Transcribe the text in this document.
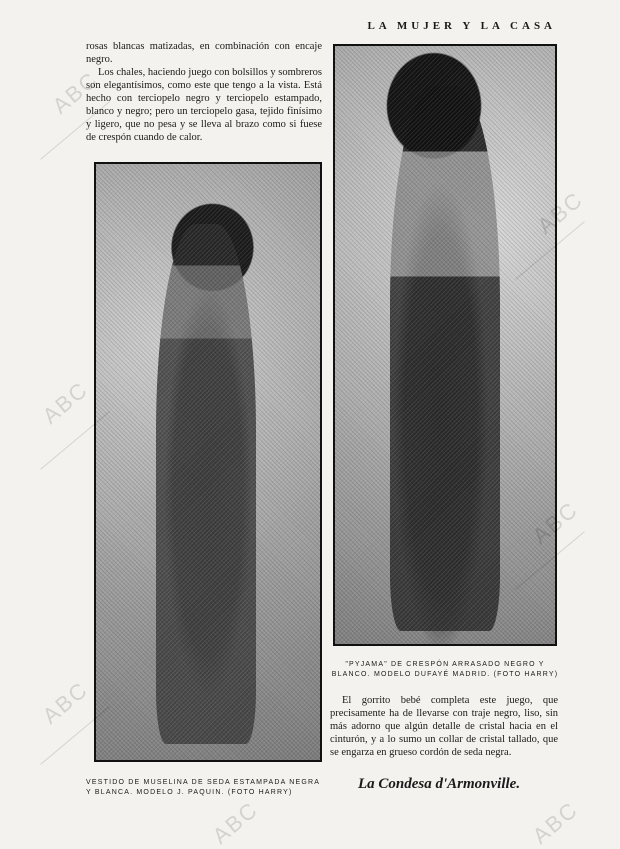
LA MUJER Y LA CASA

rosas blancas matizadas, en combinación con encaje negro.

Los chales, haciendo juego con bolsillos y sombreros son elegantísimos, como este que tengo a la vista. Está hecho con terciopelo negro y terciopelo estampado, blanco y negro; pero un terciopelo gasa, tejido finísimo y ligero, que no pesa y se lleva al brazo como si fuese de crespón cuando de calor.

"PYJAMA" DE CRESPÓN ARRASADO NEGRO Y BLANCO. MODELO DUFAYÉ MADRID. (FOTO HARRY)

El gorrito bebé completa este juego, que precisamente ha de llevarse con traje negro, liso, sin más adorno que algún detalle de cristal hacia en el cinturón, y a lo sumo un collar de cristal tallado, que se engarza en grueso cordón de seda negra.

VESTIDO DE MUSELINA DE SEDA ESTAMPADA NEGRA Y BLANCA. MODELO J. PAQUIN. (FOTO HARRY)
La Condesa d'Armonville.
ABC
ABC
ABC
ABC
ABC
ABC
